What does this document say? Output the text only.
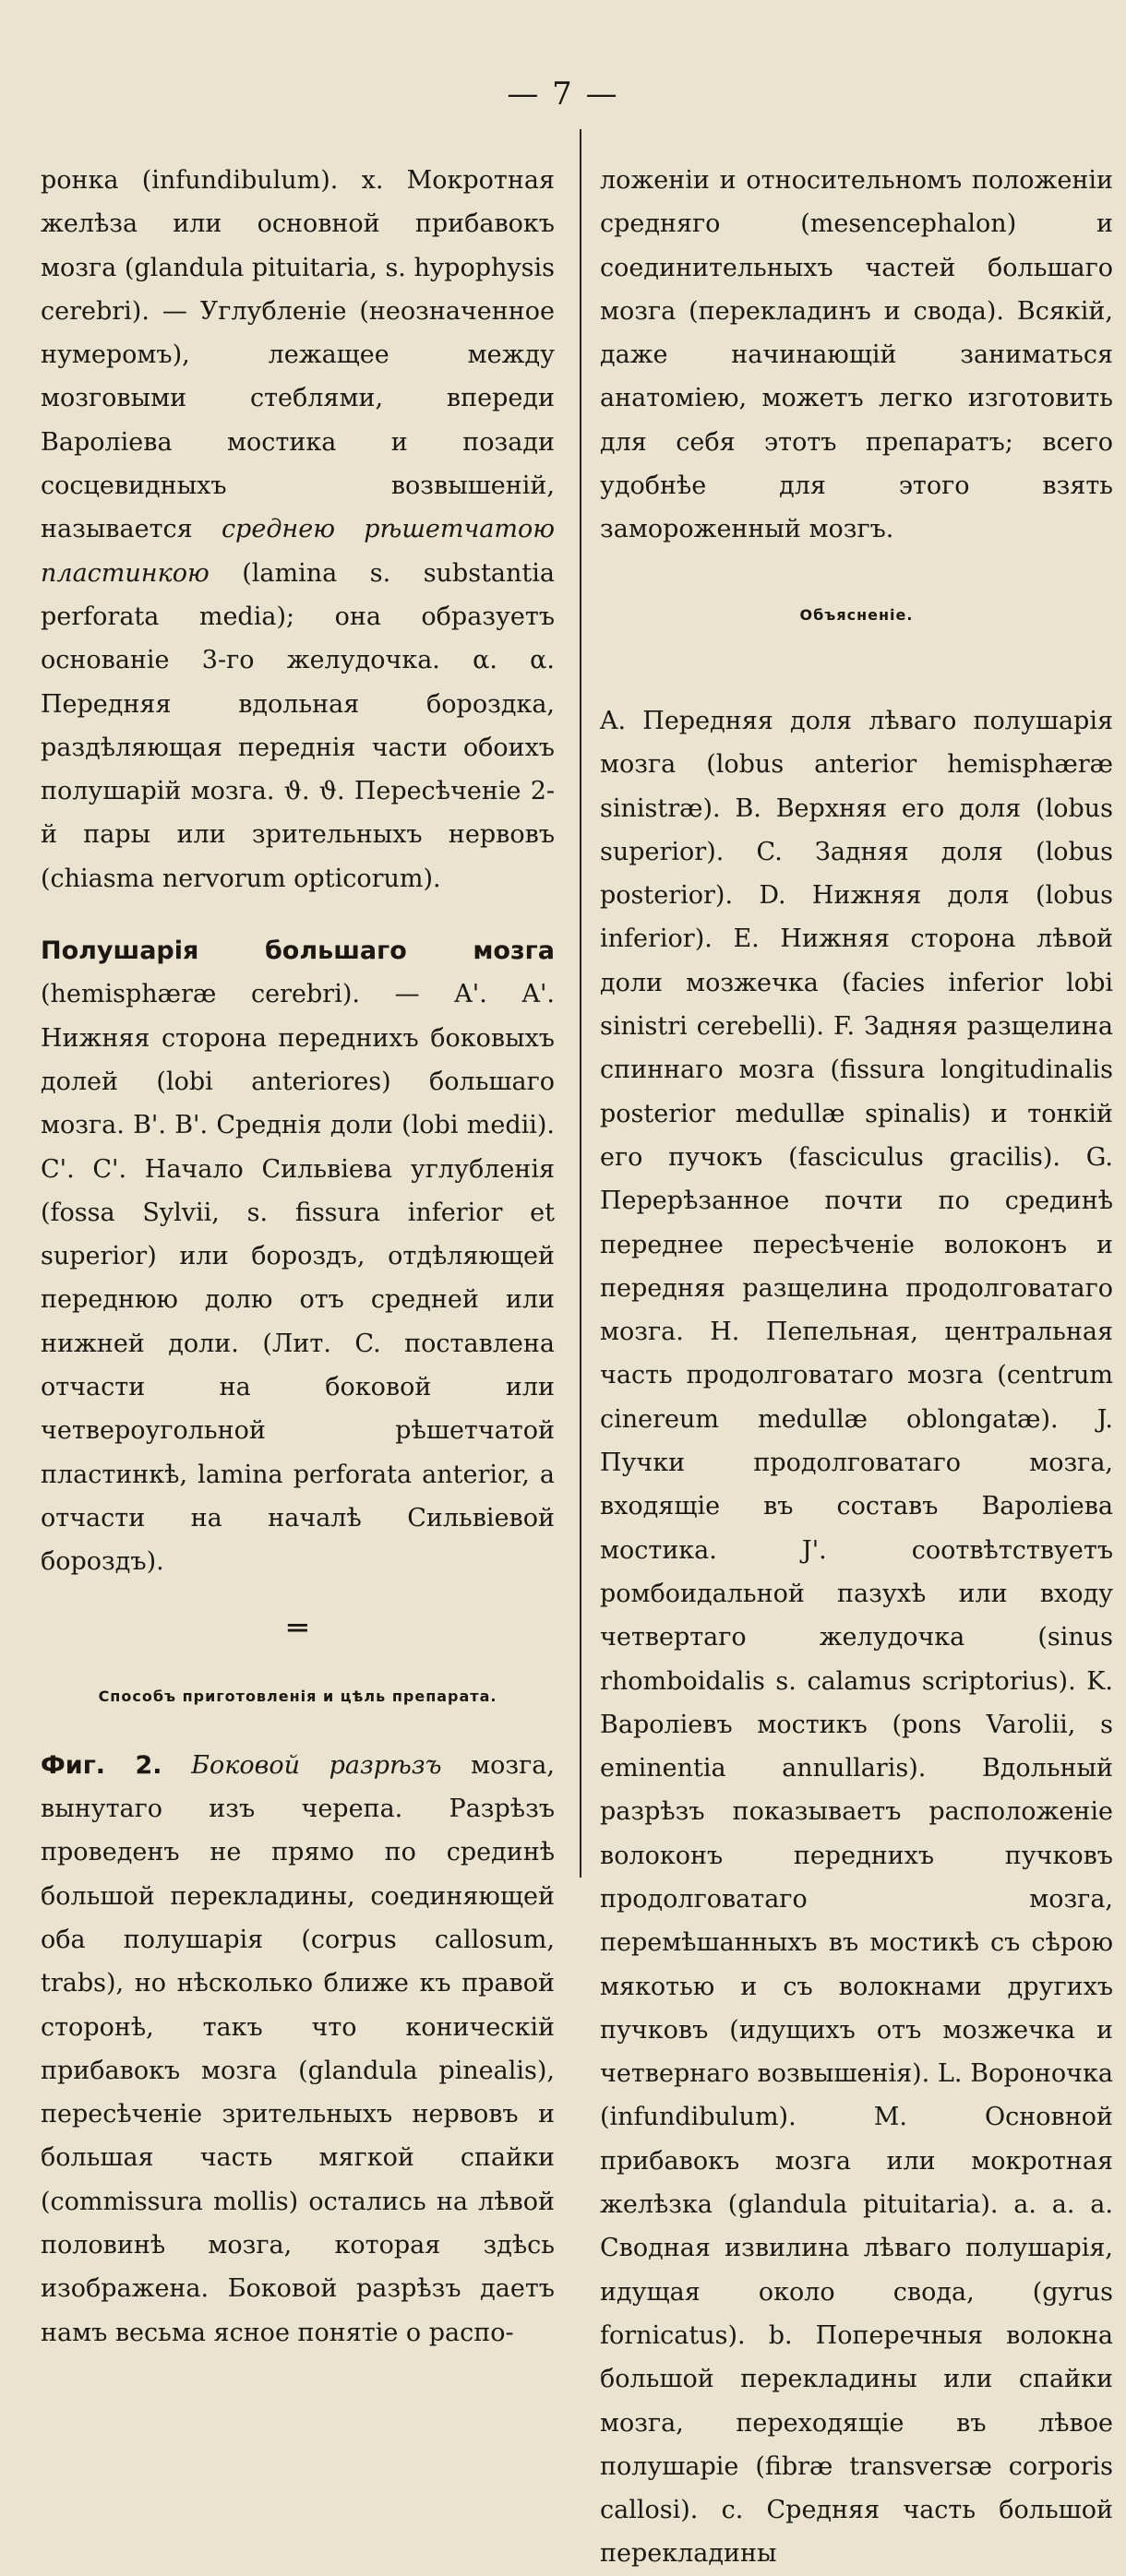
— 7 —

ронка (infundibulum). x. Мокротная желѣза или основной прибавокъ мозга (glandula pituitaria, s. hypophysis cerebri). — Углубленіе (неозначенное нумеромъ), лежащее между мозговыми стеблями, впереди Вароліева мостика и позади сосцевидныхъ возвышеній, называется среднею рѣшетчатою пластинкою (lamina s. substantia perforata media); она образуетъ основаніе 3-го желудочка. α. α. Передняя вдольная бороздка, раздѣляющая переднія части обоихъ полушарій мозга. ϑ. ϑ. Пересѣченіе 2-й пары или зрительныхъ нервовъ (chiasma nervorum opticorum).

Полушарія большаго мозга (hemisphæræ cerebri). — A'. A'. Нижняя сторона переднихъ боковыхъ долей (lobi anteriores) большаго мозга. B'. B'. Среднія доли (lobi medii). C'. C'. Начало Сильвіева углубленія (fossa Sylvii, s. fissura inferior et superior) или бороздъ, отдѣляющей переднюю долю отъ средней или нижней доли. (Лит. C. поставлена отчасти на боковой или четвероугольной рѣшетчатой пластинкѣ, lamina perforata anterior, а отчасти на началѣ Сильвіевой бороздъ).

═

Способъ приготовленія и цѣль препарата.

Фиг. 2. Боковой разрѣзъ мозга, вынутаго изъ черепа. Разрѣзъ проведенъ не прямо по срединѣ большой перекладины, соединяющей оба полушарія (corpus callosum, trabs), но нѣсколько ближе къ правой сторонѣ, такъ что коническій прибавокъ мозга (glandula pinealis), пересѣченіе зрительныхъ нервовъ и большая часть мягкой спайки (commissura mollis) остались на лѣвой половинѣ мозга, которая здѣсь изображена. Боковой разрѣзъ даетъ намъ весьма ясное понятіе о распо-

ложеніи и относительномъ положеніи средняго (mesencephalon) и соединительныхъ частей большаго мозга (перекладинъ и свода). Всякій, даже начинающій заниматься анатоміею, можетъ легко изготовить для себя этотъ препаратъ; всего удобнѣе для этого взять замороженный мозгъ.

Объясненіе.

A. Передняя доля лѣваго полушарія мозга (lobus anterior hemisphæræ sinistræ). B. Верхняя его доля (lobus superior). C. Задняя доля (lobus posterior). D. Нижняя доля (lobus inferior). E. Нижняя сторона лѣвой доли мозжечка (facies inferior lobi sinistri cerebelli). F. Задняя разщелина спиннаго мозга (fissura longitudinalis posterior medullæ spinalis) и тонкій его пучокъ (fasciculus gracilis). G. Перерѣзанное почти по срединѣ переднее пересѣченіе волоконъ и передняя разщелина продолговатаго мозга. H. Пепельная, центральная часть продолговатаго мозга (centrum cinereum medullæ oblongatæ). J. Пучки продолговатаго мозга, входящіе въ составъ Вароліева мостика. J'. соотвѣтствуетъ ромбоидальной пазухѣ или входу четвертаго желудочка (sinus rhomboidalis s. calamus scriptorius). K. Вароліевъ мостикъ (pons Varolii, s eminentia annullaris). Вдольный разрѣзъ показываетъ расположеніе волоконъ переднихъ пучковъ продолговатаго мозга, перемѣшанныхъ въ мостикѣ съ сѣрою мякотью и съ волокнами другихъ пучковъ (идущихъ отъ мозжечка и четвернаго возвышенія). L. Вороночка (infundibulum). M. Основной прибавокъ мозга или мокротная желѣзка (glandula pituitaria). a. a. a. Сводная извилина лѣваго полушарія, идущая около свода, (gyrus fornicatus). b. Поперечныя волокна большой перекладины или спайки мозга, переходящіе въ лѣвое полушаріе (fibræ transversæ corporis callosi). c. Средняя часть большой перекладины
